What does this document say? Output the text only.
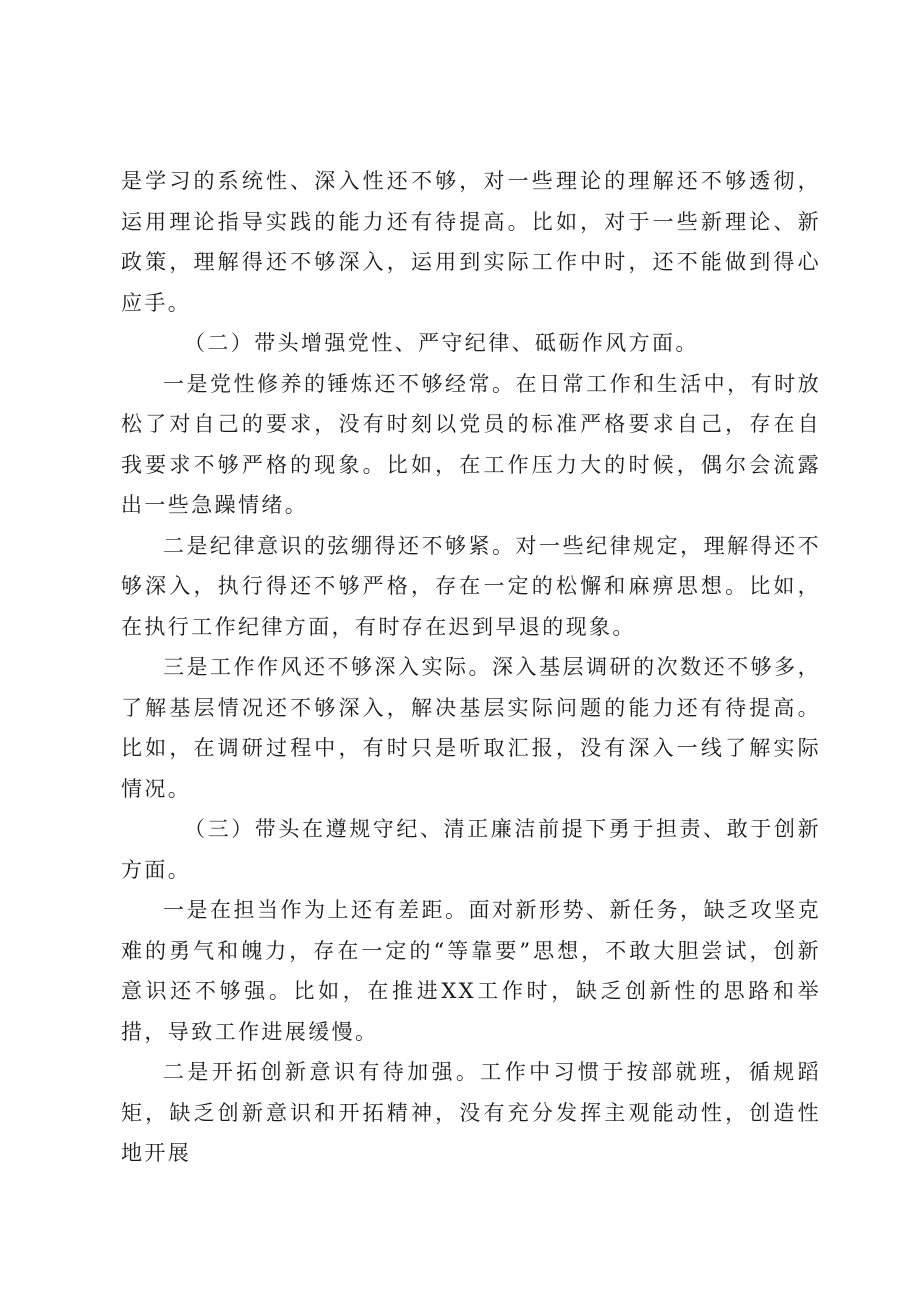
是学习的系统性、深入性还不够，对一些理论的理解还不够透彻，运用理论指导实践的能力还有待提高。比如，对于一些新理论、新政策，理解得还不够深入，运用到实际工作中时，还不能做到得心应手。

（二）带头增强党性、严守纪律、砥砺作风方面。

一是党性修养的锤炼还不够经常。在日常工作和生活中，有时放松了对自己的要求，没有时刻以党员的标准严格要求自己，存在自我要求不够严格的现象。比如，在工作压力大的时候，偶尔会流露出一些急躁情绪。

二是纪律意识的弦绷得还不够紧。对一些纪律规定，理解得还不够深入，执行得还不够严格，存在一定的松懈和麻痹思想。比如，在执行工作纪律方面，有时存在迟到早退的现象。

三是工作作风还不够深入实际。深入基层调研的次数还不够多，了解基层情况还不够深入，解决基层实际问题的能力还有待提高。比如，在调研过程中，有时只是听取汇报，没有深入一线了解实际情况。

（三）带头在遵规守纪、清正廉洁前提下勇于担责、敢于创新方面。

一是在担当作为上还有差距。面对新形势、新任务，缺乏攻坚克难的勇气和魄力，存在一定的“等靠要”思想，不敢大胆尝试，创新意识还不够强。比如，在推进XX工作时，缺乏创新性的思路和举措，导致工作进展缓慢。

二是开拓创新意识有待加强。工作中习惯于按部就班，循规蹈矩，缺乏创新意识和开拓精神，没有充分发挥主观能动性，创造性地开展
